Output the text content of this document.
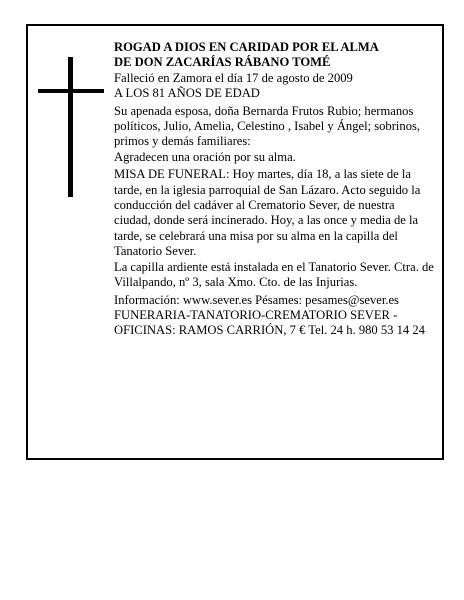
ROGAD A DIOS EN CARIDAD POR EL ALMA

DE DON ZACARÍAS RÁBANO TOMÉ

Falleció en Zamora el día 17 de agosto de 2009

A LOS 81 AÑOS DE EDAD

Su apenada esposa, doña Bernarda Frutos Rubio; hermanos políticos, Julio, Amelia, Celestino , Isabel y Ángel; sobrinos, primos y demás familiares:

Agradecen una oración por su alma.

MISA DE FUNERAL: Hoy martes, día 18, a las siete de la tarde, en la iglesia parroquial de San Lázaro. Acto seguido la conducción del cadáver al Crematorio Sever, de nuestra ciudad, donde será incinerado. Hoy, a las once y media de la tarde, se celebrará una misa por su alma en la capilla del Tanatorio Sever.

La capilla ardiente está instalada en el Tanatorio Sever. Ctra. de Villalpando, nº 3, sala Xmo. Cto. de las Injurias.

Información: www.sever.es Pésames: pesames@sever.es

FUNERARIA-TANATORIO-CREMATORIO SEVER - OFICINAS: RAMOS CARRIÓN, 7 € Tel. 24 h. 980 53 14 24
